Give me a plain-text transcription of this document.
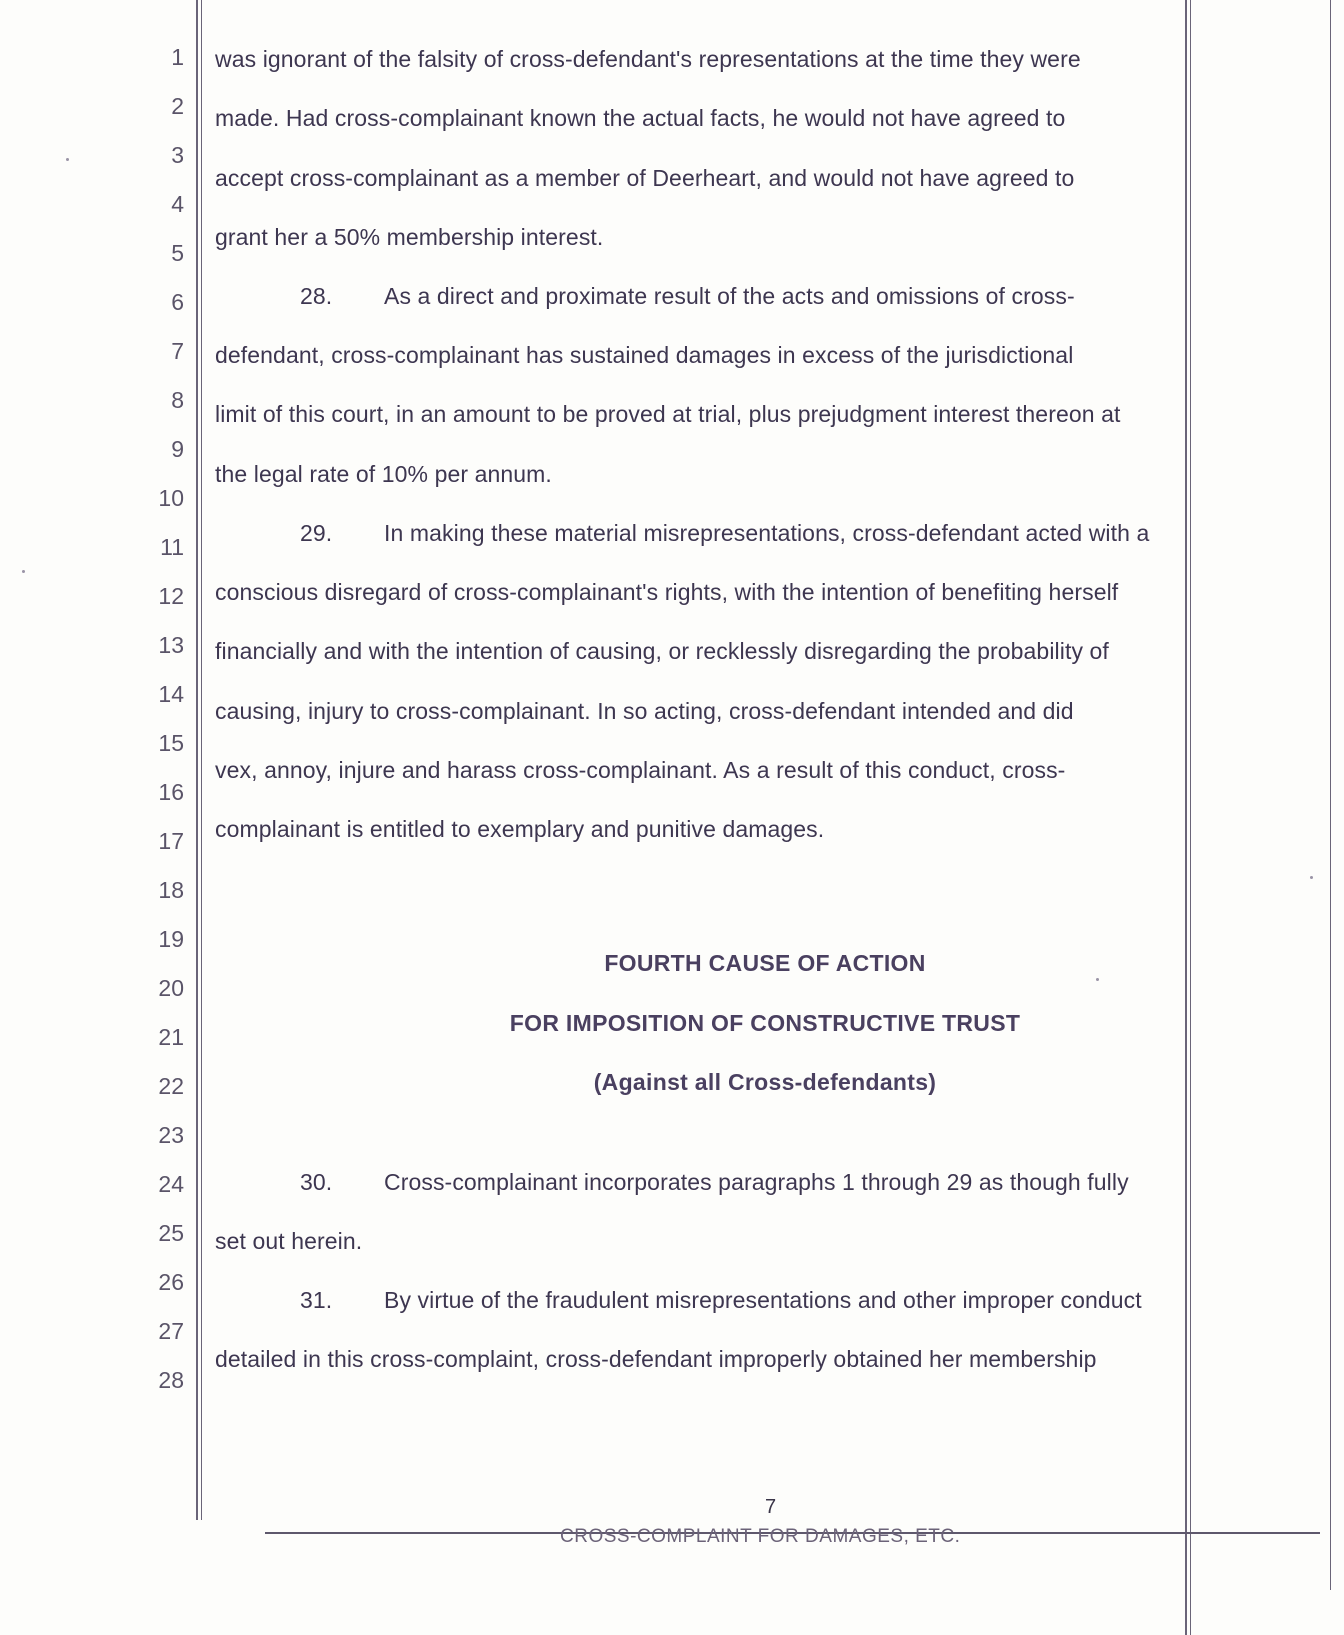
1
2
3
4
5
6
7
8
9
10
11
12
13
14
15
16
17
18
19
20
21
22
23
24
25
26
27
28
was ignorant of the falsity of cross-defendant's representations at the time they were
made. Had cross-complainant known the actual facts, he would not have agreed to
accept cross-complainant as a member of Deerheart, and would not have agreed to
grant her a 50% membership interest.
28. As a direct and proximate result of the acts and omissions of cross-
defendant, cross-complainant has sustained damages in excess of the jurisdictional
limit of this court, in an amount to be proved at trial, plus prejudgment interest thereon at
the legal rate of 10% per annum.
29. In making these material misrepresentations, cross-defendant acted with a
conscious disregard of cross-complainant's rights, with the intention of benefiting herself
financially and with the intention of causing, or recklessly disregarding the probability of
causing, injury to cross-complainant. In so acting, cross-defendant intended and did
vex, annoy, injure and harass cross-complainant. As a result of this conduct, cross-
complainant is entitled to exemplary and punitive damages.
30. Cross-complainant incorporates paragraphs 1 through 29 as though fully
set out herein.
31. By virtue of the fraudulent misrepresentations and other improper conduct
detailed in this cross-complaint, cross-defendant improperly obtained her membership
FOURTH CAUSE OF ACTION
FOR IMPOSITION OF CONSTRUCTIVE TRUST
(Against all Cross-defendants)
7
CROSS-COMPLAINT FOR DAMAGES, ETC.
